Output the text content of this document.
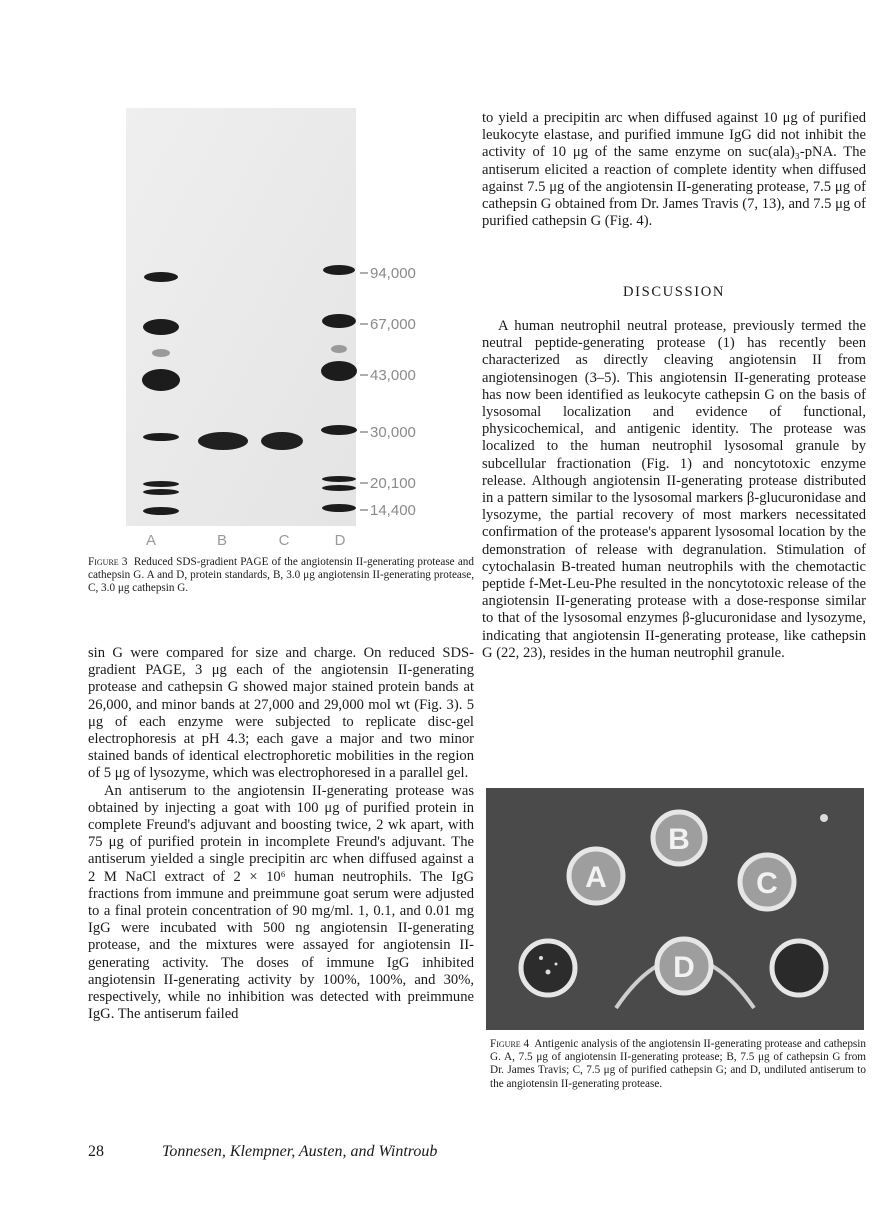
94,000
67,000
43,000
30,000
20,100
14,400
A	B	C	D
Figure 3 Reduced SDS-gradient PAGE of the angiotensin II-generating protease and cathepsin G. A and D, protein standards, B, 3.0 μg angiotensin II-generating protease, C, 3.0 μg cathepsin G.

sin G were compared for size and charge. On reduced SDS-gradient PAGE, 3 μg each of the angiotensin II-generating protease and cathepsin G showed major stained protein bands at 26,000, and minor bands at 27,000 and 29,000 mol wt (Fig. 3). 5 μg of each enzyme were subjected to replicate disc-gel electrophoresis at pH 4.3; each gave a major and two minor stained bands of identical electrophoretic mobilities in the region of 5 μg of lysozyme, which was electrophoresed in a parallel gel.

An antiserum to the angiotensin II-generating protease was obtained by injecting a goat with 100 μg of purified protein in complete Freund's adjuvant and boosting twice, 2 wk apart, with 75 μg of purified protein in incomplete Freund's adjuvant. The antiserum yielded a single precipitin arc when diffused against a 2 M NaCl extract of 2 × 10⁶ human neutrophils. The IgG fractions from immune and preimmune goat serum were adjusted to a final protein concentration of 90 mg/ml. 1, 0.1, and 0.01 mg IgG were incubated with 500 ng angiotensin II-generating protease, and the mixtures were assayed for angiotensin II-generating activity. The doses of immune IgG inhibited angiotensin II-generating activity by 100%, 100%, and 30%, respectively, while no inhibition was detected with preimmune IgG. The antiserum failed

to yield a precipitin arc when diffused against 10 μg of purified leukocyte elastase, and purified immune IgG did not inhibit the activity of 10 μg of the same enzyme on suc(ala)₃-pNA. The antiserum elicited a reaction of complete identity when diffused against 7.5 μg of the angiotensin II-generating protease, 7.5 μg of cathepsin G obtained from Dr. James Travis (7, 13), and 7.5 μg of purified cathepsin G (Fig. 4).

DISCUSSION

A human neutrophil neutral protease, previously termed the neutral peptide-generating protease (1) has recently been characterized as directly cleaving angiotensin II from angiotensinogen (3–5). This angiotensin II-generating protease has now been identified as leukocyte cathepsin G on the basis of lysosomal localization and evidence of functional, physicochemical, and antigenic identity. The protease was localized to the human neutrophil lysosomal granule by subcellular fractionation (Fig. 1) and noncytotoxic enzyme release. Although angiotensin II-generating protease distributed in a pattern similar to the lysosomal markers β-glucuronidase and lysozyme, the partial recovery of most markers necessitated confirmation of the protease's apparent lysosomal location by the demonstration of release with degranulation. Stimulation of cytochalasin B-treated human neutrophils with the chemotactic peptide f-Met-Leu-Phe resulted in the noncytotoxic release of the angiotensin II-generating protease with a dose-response similar to that of the lysosomal enzymes β-glucuronidase and lysozyme, indicating that angiotensin II-generating protease, like cathepsin G (22, 23), resides in the human neutrophil granule.

A
B
C
D
Figure 4 Antigenic analysis of the angiotensin II-generating protease and cathepsin G. A, 7.5 μg of angiotensin II-generating protease; B, 7.5 μg of cathepsin G from Dr. James Travis; C, 7.5 μg of purified cathepsin G; and D, undiluted antiserum to the angiotensin II-generating protease.
28	Tonnesen, Klempner, Austen, and Wintroub
